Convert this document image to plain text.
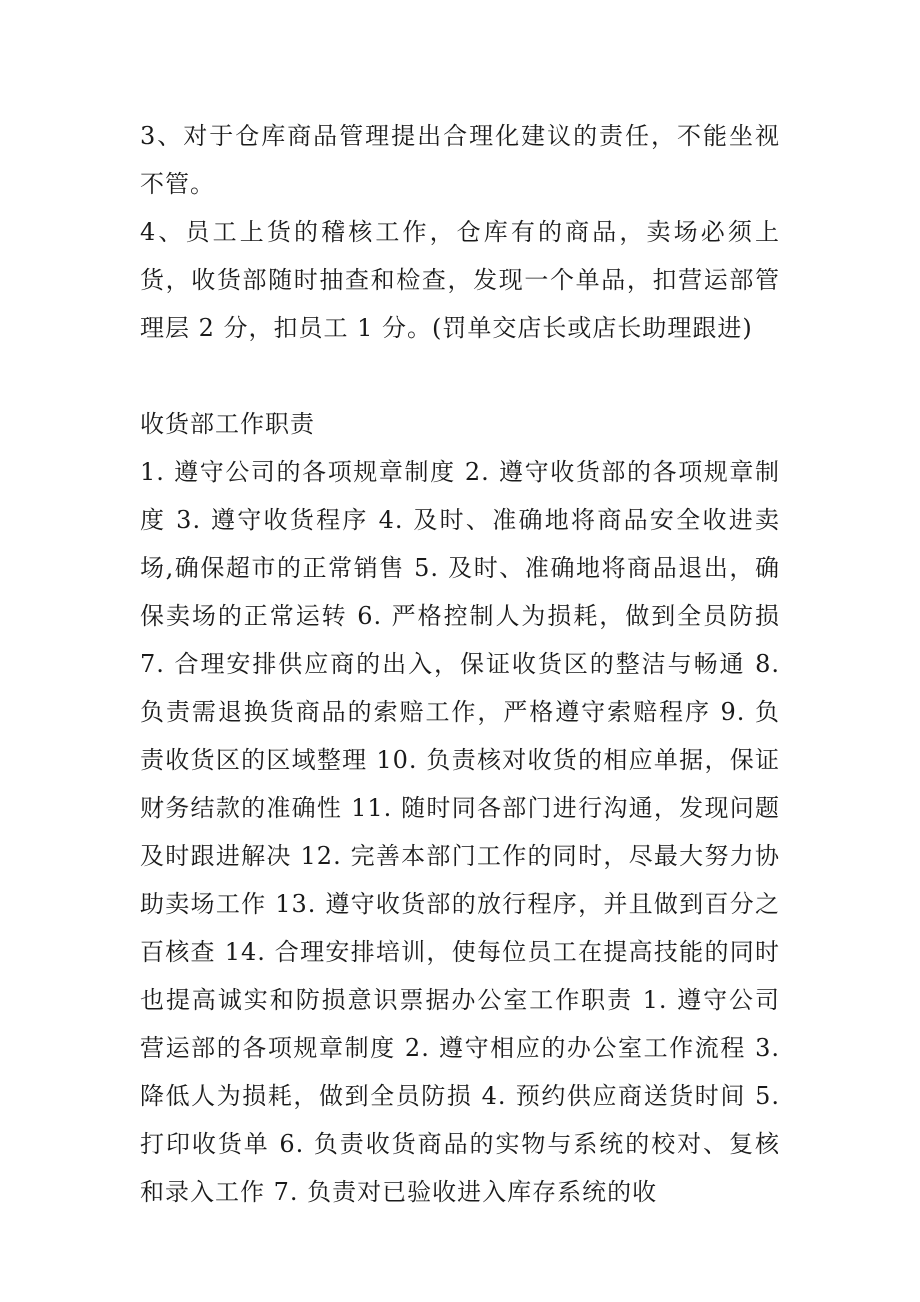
3、对于仓库商品管理提出合理化建议的责任，不能坐视不管。

4、员工上货的稽核工作，仓库有的商品，卖场必须上货，收货部随时抽查和检查，发现一个单品，扣营运部管理层 2 分，扣员工 1 分。(罚单交店长或店长助理跟进)

收货部工作职责

1. 遵守公司的各项规章制度 2. 遵守收货部的各项规章制度 3. 遵守收货程序 4. 及时、准确地将商品安全收进卖场,确保超市的正常销售 5. 及时、准确地将商品退出，确保卖场的正常运转 6. 严格控制人为损耗，做到全员防损 7. 合理安排供应商的出入，保证收货区的整洁与畅通 8. 负责需退换货商品的索赔工作，严格遵守索赔程序 9. 负责收货区的区域整理 10. 负责核对收货的相应单据，保证财务结款的准确性 11. 随时同各部门进行沟通，发现问题及时跟进解决 12. 完善本部门工作的同时，尽最大努力协助卖场工作 13. 遵守收货部的放行程序，并且做到百分之百核查 14. 合理安排培训，使每位员工在提高技能的同时也提高诚实和防损意识票据办公室工作职责 1. 遵守公司营运部的各项规章制度 2. 遵守相应的办公室工作流程 3. 降低人为损耗，做到全员防损 4. 预约供应商送货时间 5. 打印收货单 6. 负责收货商品的实物与系统的校对、复核和录入工作 7. 负责对已验收进入库存系统的收
